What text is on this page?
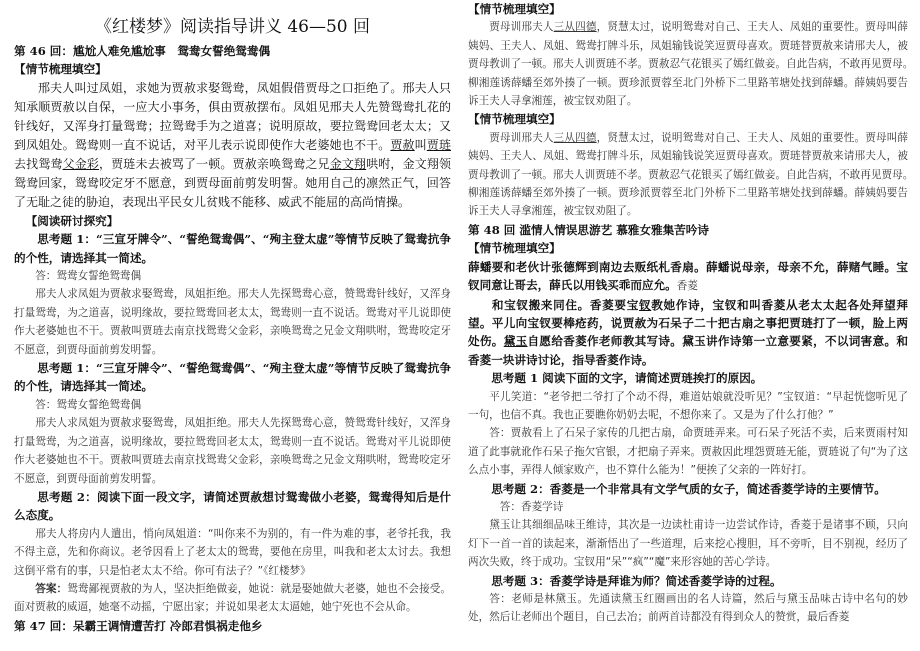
《红楼梦》阅读指导讲义 46—50 回

第 46 回：尴尬人难免尴尬事　鸳鸯女誓绝鸳鸯偶

【情节梳理填空】

邢夫人叫过凤姐，求她为贾赦求娶鸳鸯，凤姐假借贾母之口拒绝了。邢夫人只知承顺贾赦以自保，一应大小事务，俱由贾赦摆布。凤姐见邢夫人先赞鸳鸯扎花的针线好，又浑身打量鸳鸯；拉鸳鸯手为之道喜；说明原故，要拉鸳鸯回老太太；又到凤姐处。鸳鸯则一直不说话，对平儿表示说即使作大老婆她也不干。贾赦叫贾琏去找鸳鸯父金彩，贾琏未去被骂了一顿。贾赦亲唤鸳鸯之兄金文翔哄咐，金文翔领鸳鸯回家，鸳鸯咬定牙不愿意，到贾母面前剪发明誓。她用自己的凛然正气，回答了无耻之徒的胁迫，表现出平民女儿贫贱不能移、威武不能屈的高尚情操。

【阅读研讨探究】

思考题 1：“三宣牙牌令”、“誓绝鸳鸯偶”、“殉主登太虚”等情节反映了鸳鸯抗争的个性，请选择其一简述。

答：鸳鸯女誓绝鸳鸯偶

邢夫人求凤姐为贾赦求娶鸳鸯，凤姐拒绝。邢夫人先探鸳鸯心意，赞鸳鸯针线好，又浑身打量鸳鸯，为之道喜，说明缘故，要拉鸳鸯回老太太，鸳鸯则一直不说话。鸳鸯对平儿说即使作大老婆她也不干。贾赦叫贾琏去南京找鸳鸯父金彩，亲唤鸳鸯之兄金文翔哄咐，鸳鸯咬定牙不愿意，到贾母面前剪发明誓。

思考题 1：“三宣牙牌令”、“誓绝鸳鸯偶”、“殉主登太虚”等情节反映了鸳鸯抗争的个性，请选择其一简述。

答：鸳鸯女誓绝鸳鸯偶

邢夫人求凤姐为贾赦求娶鸳鸯，凤姐拒绝。邢夫人先探鸳鸯心意，赞鸳鸯针线好，又浑身打量鸳鸯，为之道喜，说明缘故，要拉鸳鸯回老太太，鸳鸯则一直不说话。鸳鸯对平儿说即使作大老婆她也不干。贾赦叫贾琏去南京找鸳鸯父金彩，亲唤鸳鸯之兄金文翔哄咐，鸳鸯咬定牙不愿意，到贾母面前剪发明誓。

思考题 2：阅读下面一段文字，请简述贾赦想讨鸳鸯做小老婆，鸳鸯得知后是什么态度。

邢夫人将房内人遣出，悄向凤姐道：“叫你来不为别的，有一件为难的事，老爷托我，我不得主意，先和你商议。老爷因看上了老太太的鸳鸯，要他在房里，叫我和老太太讨去。我想这倒平常有的事，只是怕老太太不给。你可有法子？”《红楼梦》

答案：鸳鸯鄙视贾赦的为人，坚决拒绝做妾，她说：就是娶她做大老婆，她也不会接受。面对贾赦的威逼，她毫不动摇，宁愿出家；并说如果老太太逼她，她宁死也不会从命。

第 47 回：呆霸王调情遭苦打 冷郎君惧祸走他乡

【情节梳理填空】

贾母训邢夫人三从四德，贤慧太过，说明鸳鸯对自己、王夫人、凤姐的重要性。贾母叫薛姨妈、王夫人、凤姐、鸳鸯打牌斗乐，凤姐输钱说笑逗贾母喜欢。贾琏替贾赦来请邢夫人，被贾母教训了一顿。邢夫人训贾琏不孝。贾赦忍气花银买了嫣红做妾。自此告病，不敢再见贾母。　柳湘莲诱薛蟠至郊外揍了一顿。贾珍派贾蓉至北门外桥下二里路苇塘处找到薛蟠。薛姨妈要告诉王夫人寻拿湘莲，被宝钗劝阻了。

【情节梳理填空】

贾母训邢夫人三从四德，贤慧太过，说明鸳鸯对自己、王夫人、凤姐的重要性。贾母叫薛姨妈、王夫人、凤姐、鸳鸯打牌斗乐，凤姐输钱说笑逗贾母喜欢。贾琏替贾赦来请邢夫人，被贾母教训了一顿。邢夫人训贾琏不孝。贾赦忍气花银买了嫣红做妾。自此告病，不敢再见贾母。　柳湘莲诱薛蟠至郊外揍了一顿。贾珍派贾蓉至北门外桥下二里路苇塘处找到薛蟠。薛姨妈要告诉王夫人寻拿湘莲，被宝钗劝阻了。

第 48 回 滥情人情误思游艺 慕雅女雅集苦吟诗

【情节梳理填空】

薛蟠要和老伙计张德辉到南边去贩纸札香扇。薛蟠说母亲，母亲不允，薛赌气睡。宝钗同意让哥去，薛氏以用钱买乖而应允。香菱
和宝钗搬来同住。香菱要宝钗教她作诗，宝钗和叫香菱从老太太起各处拜望拜望。平儿向宝钗要棒疮药，说贾赦为石呆子二十把古扇之事把贾琏打了一顿，脸上两处伤。黛玉自愿给香菱作老师教其写诗。黛玉讲作诗第一立意要紧，不以词害意。和香菱一块讲诗讨论，指导香菱作诗。

思考题 1 阅读下面的文字，请简述贾琏挨打的原因。

平儿笑道：“老爷把二爷打了个动不得，难道姑娘就没听见？”宝钗道：“早起恍惚听见了一句，也信不真。我也正要瞧你奶奶去呢，不想你来了。又是为了什么打他？”

答：贾赦看上了石呆子家传的几把古扇，命贾琏弄来。可石呆子死活不卖，后来贾雨村知道了此事就讹作石呆子拖欠官银，才把扇子弄来。贾赦因此埋怨贾琏无能，贾琏说了句“为了这么点小事，弄得人倾家败产，也不算什么能为！”便挨了父亲的一阵好打。

思考题 2：香菱是一个非常具有文学气质的女子，简述香菱学诗的主要情节。

答：香菱学诗

黛玉让其细细品味王维诗，其次是一边读杜甫诗一边尝试作诗，香菱于是诸事不顾，只向灯下一首一首的读起来，渐渐悟出了一些道理，后来挖心搜胆，耳不旁听，目不别视，经历了两次失败，终于成功。宝钗用“呆”“疯”“魔”来形容她的苦心学诗。

思考题 3：香菱学诗是拜谁为师？简述香菱学诗的过程。

答：老师是林黛玉。先通读黛玉红圈画出的名人诗篇，然后与黛玉品味古诗中名句的妙处，然后让老师出个题目，自己去冶；前两首诗都没有得到众人的赞赏，最后香菱
